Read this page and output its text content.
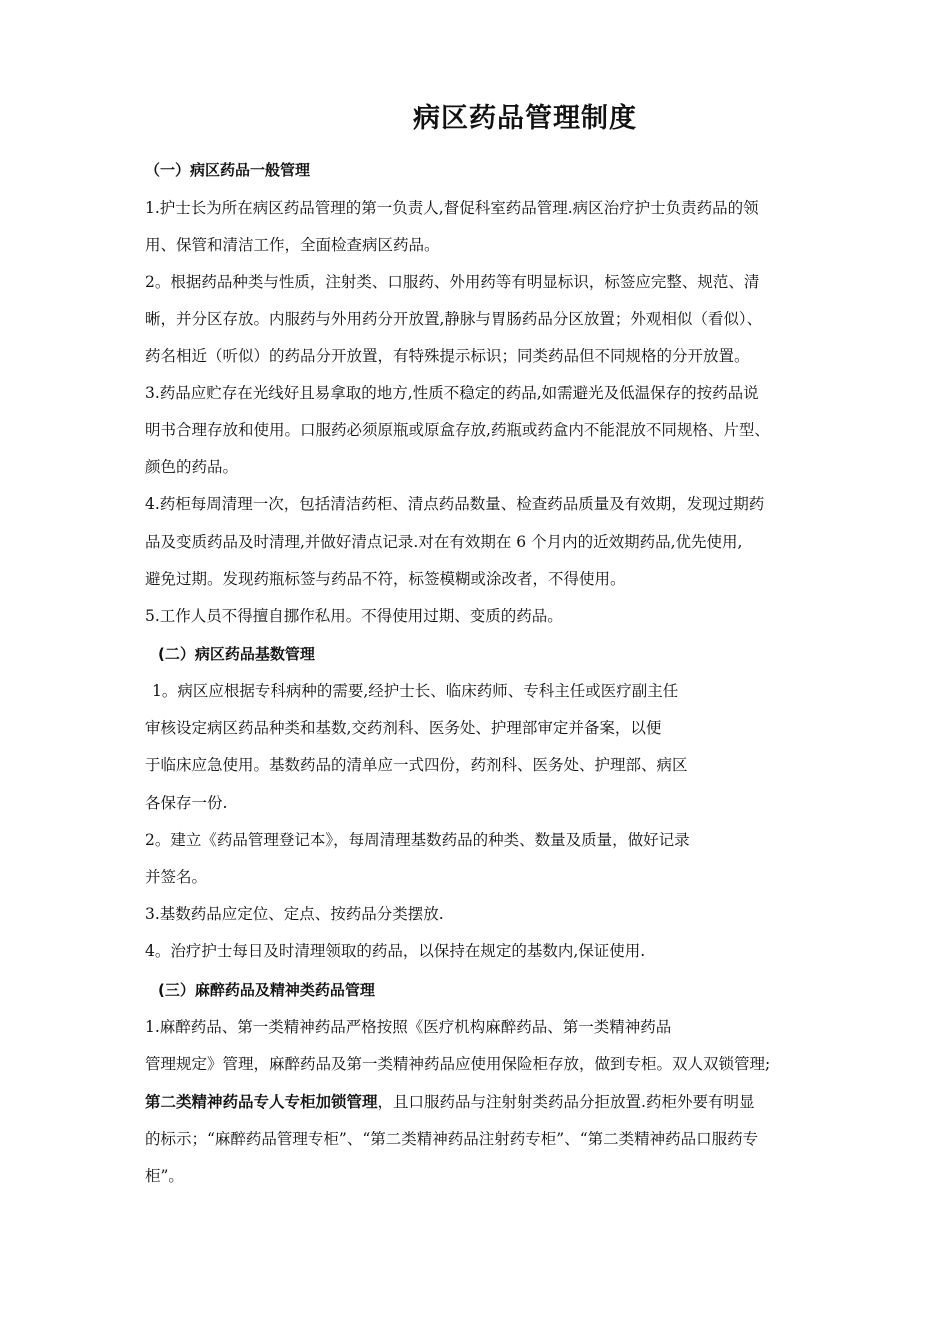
病区药品管理制度
（一）病区药品一般管理
1.护士长为所在病区药品管理的第一负责人,督促科室药品管理.病区治疗护士负责药品的领
用、保管和清洁工作，全面检查病区药品。
2。根据药品种类与性质，注射类、口服药、外用药等有明显标识，标签应完整、规范、清
晰，并分区存放。内服药与外用药分开放置,静脉与胃肠药品分区放置；外观相似（看似）、
药名相近（听似）的药品分开放置，有特殊提示标识；同类药品但不同规格的分开放置。
3.药品应贮存在光线好且易拿取的地方,性质不稳定的药品,如需避光及低温保存的按药品说
明书合理存放和使用。口服药必须原瓶或原盒存放,药瓶或药盒内不能混放不同规格、片型、
颜色的药品。
4.药柜每周清理一次，包括清洁药柜、清点药品数量、检查药品质量及有效期，发现过期药
品及变质药品及时清理,并做好清点记录.对在有效期在 6 个月内的近效期药品,优先使用,
避免过期。发现药瓶标签与药品不符，标签模糊或涂改者，不得使用。
5.工作人员不得擅自挪作私用。不得使用过期、变质的药品。
(二）病区药品基数管理
1。病区应根据专科病种的需要,经护士长、临床药师、专科主任或医疗副主任
审核设定病区药品种类和基数,交药剂科、医务处、护理部审定并备案，以便
于临床应急使用。基数药品的清单应一式四份，药剂科、医务处、护理部、病区
各保存一份.
2。建立《药品管理登记本》，每周清理基数药品的种类、数量及质量，做好记录
并签名。
3.基数药品应定位、定点、按药品分类摆放.
4。治疗护士每日及时清理领取的药品，以保持在规定的基数内,保证使用.
(三）麻醉药品及精神类药品管理
1.麻醉药品、第一类精神药品严格按照《医疗机构麻醉药品、第一类精神药品
管理规定》管理，麻醉药品及第一类精神药品应使用保险柜存放，做到专柜。双人双锁管理;
第二类精神药品专人专柜加锁管理，且口服药品与注射射类药品分拒放置.药柜外要有明显
的标示；“麻醉药品管理专柜”、“第二类精神药品注射药专柜”、“第二类精神药品口服药专
柜”。
